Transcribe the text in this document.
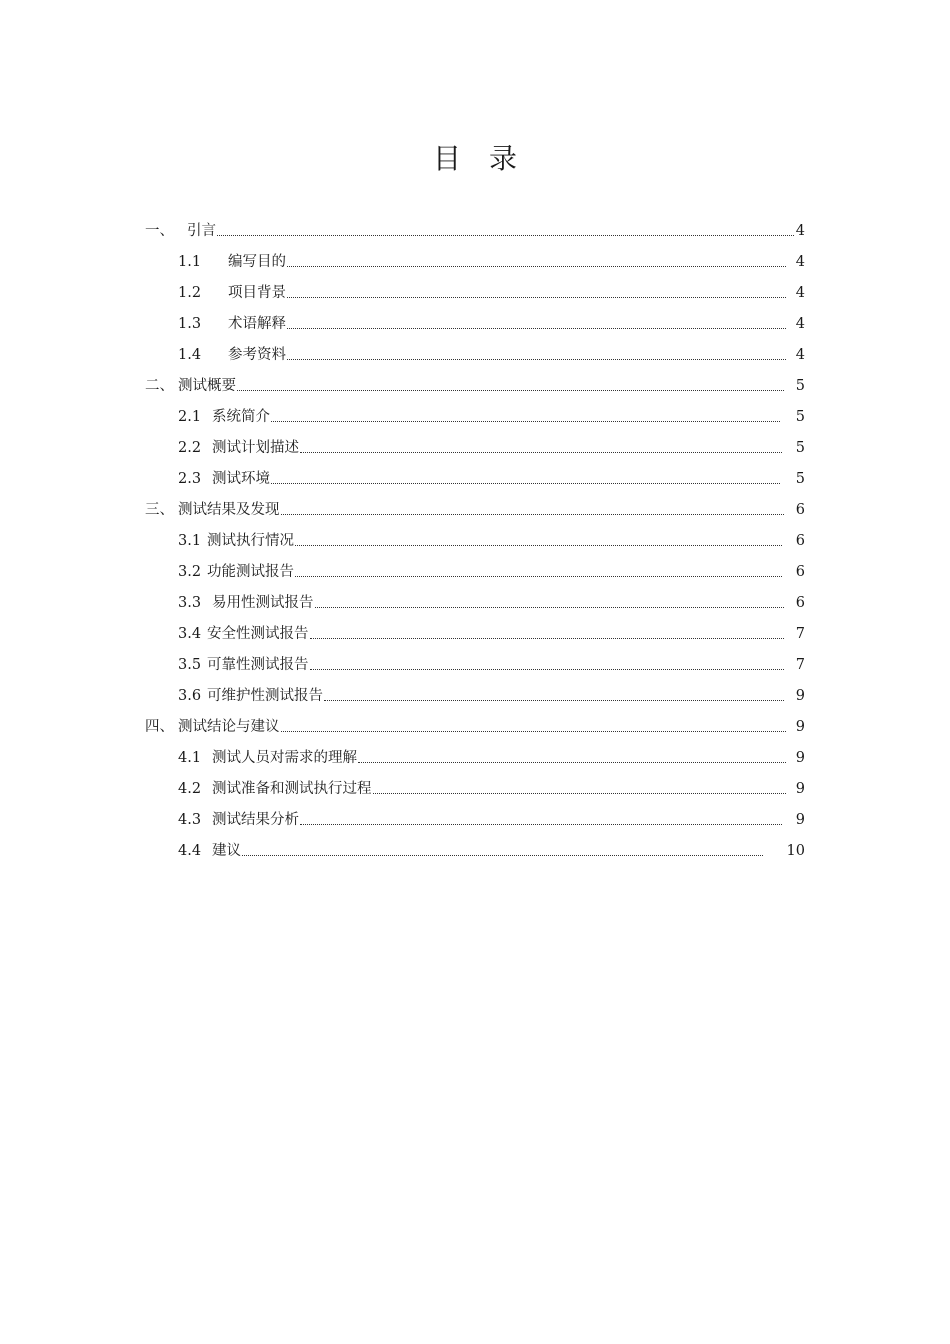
目 录
一、 引言	4
1.1	编写目的	4
1.2	项目背景	4
1.3	术语解释	4
1.4	参考资料	4
二、 测试概要	5
2.1 系统简介	5
2.2 测试计划描述	5
2.3 测试环境	5
三、 测试结果及发现	6
3.1 测试执行情况	6
3.2 功能测试报告	6
3.3 易用性测试报告	6
3.4 安全性测试报告	7
3.5 可靠性测试报告	7
3.6 可维护性测试报告	9
四、 测试结论与建议	9
4.1 测试人员对需求的理解	9
4.2 测试准备和测试执行过程	9
4.3 测试结果分析	9
4.4 建议	10
